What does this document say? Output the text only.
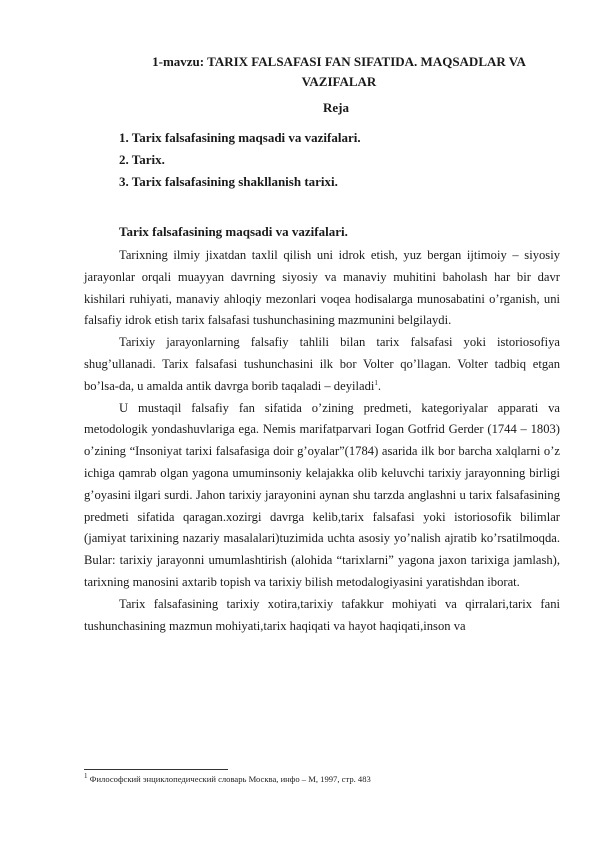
1-mavzu: TARIX FALSAFASI FAN SIFATIDA. MAQSADLAR VA
VAZIFALAR
Reja
1. Tarix falsafasining maqsadi va vazifalari.
2. Tarix.
3. Tarix falsafasining shakllanish tarixi.
Tarix falsafasining maqsadi va vazifalari.

Tarixning ilmiy jixatdan taxlil qilish uni idrok etish, yuz bergan ijtimoiy – siyosiy jarayonlar orqali muayyan davrning siyosiy va manaviy muhitini baholash har bir davr kishilari ruhiyati, manaviy ahloqiy mezonlari voqea hodisalarga munosabatini o’rganish, uni falsafiy idrok etish tarix falsafasi tushunchasining mazmunini belgilaydi.

Tarixiy jarayonlarning falsafiy tahlili bilan tarix falsafasi yoki istoriosofiya shug’ullanadi. Tarix falsafasi tushunchasini ilk bor Volter qo’llagan. Volter tadbiq etgan bo’lsa-da, u amalda antik davrga borib taqaladi – deyiladi$^1$.

U mustaqil falsafiy fan sifatida o’zining predmeti, kategoriyalar apparati va metodologik yondashuvlariga ega. Nemis marifatparvari Iogan Gotfrid Gerder (1744 – 1803) o’zining “Insoniyat tarixi falsafasiga doir g’oyalar”(1784) asarida ilk bor barcha xalqlarni o’z ichiga qamrab olgan yagona umuminsoniy kelajakka olib keluvchi tarixiy jarayonning birligi g’oyasini ilgari surdi. Jahon tarixiy jarayonini aynan shu tarzda anglashni u tarix falsafasining predmeti sifatida qaragan.xozirgi davrga kelib,tarix falsafasi yoki istoriosofik bilimlar (jamiyat tarixining nazariy masalalari)tuzimida uchta asosiy yo’nalish ajratib ko’rsatilmoqda. Bular: tarixiy jarayonni umumlashtirish (alohida “tarixlarni” yagona jaxon tarixiga jamlash), tarixning manosini axtarib topish va tarixiy bilish metodalogiyasini yaratishdan iborat.

Tarix falsafasining tarixiy xotira,tarixiy tafakkur mohiyati va qirralari,tarix fani tushunchasining mazmun mohiyati,tarix haqiqati va hayot haqiqati,inson va

$^1$ Философский энциклопедический словарь Москва, инфо – М, 1997, стр. 483
